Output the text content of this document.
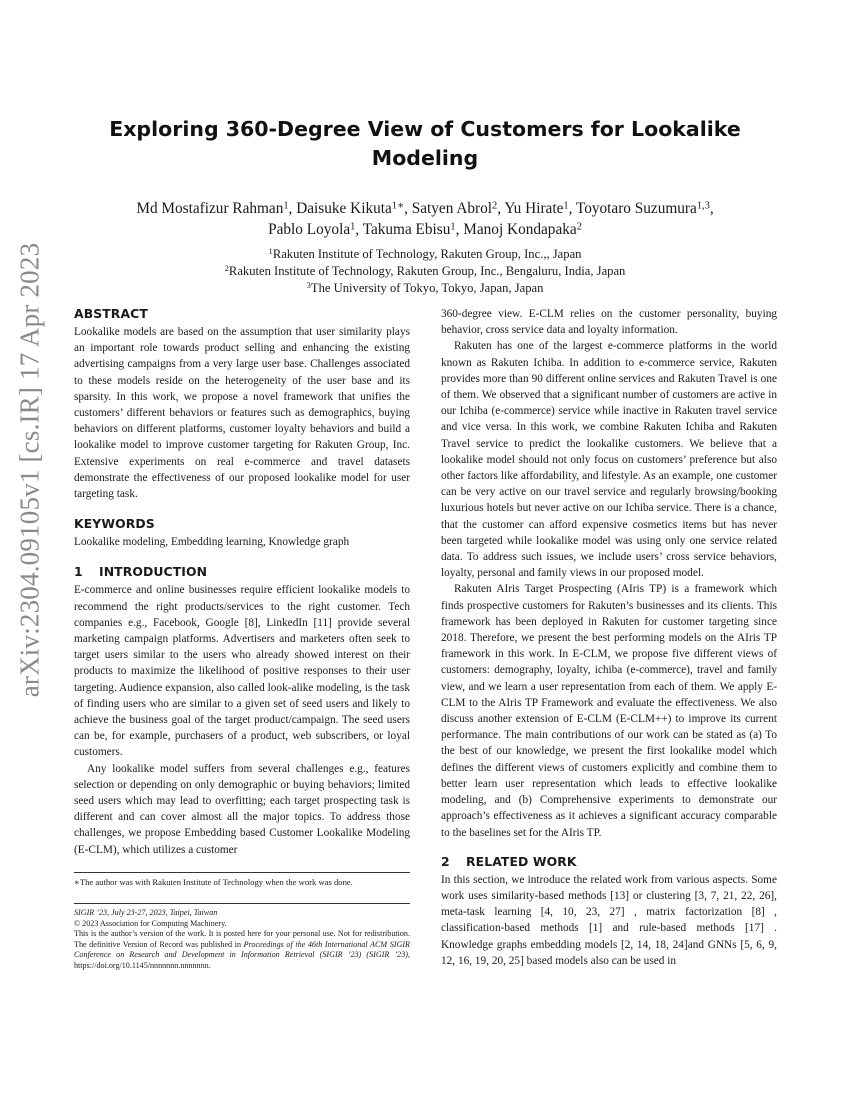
arXiv:2304.09105v1 [cs.IR] 17 Apr 2023
Exploring 360-Degree View of Customers for Lookalike Modeling
Md Mostafizur Rahman$^1$, Daisuke Kikuta$^{1∗}$, Satyen Abrol$^2$, Yu Hirate$^1$, Toyotaro Suzumura$^{1,3}$,
Pablo Loyola$^1$, Takuma Ebisu$^1$, Manoj Kondapaka$^2$
$^1$Rakuten Institute of Technology, Rakuten Group, Inc.,, Japan
$^2$Rakuten Institute of Technology, Rakuten Group, Inc., Bengaluru, India, Japan
$^3$The University of Tokyo, Tokyo, Japan, Japan
ABSTRACT

Lookalike models are based on the assumption that user similarity plays an important role towards product selling and enhancing the existing advertising campaigns from a very large user base. Challenges associated to these models reside on the heterogeneity of the user base and its sparsity. In this work, we propose a novel framework that unifies the customers’ different behaviors or features such as demographics, buying behaviors on different platforms, customer loyalty behaviors and build a lookalike model to improve customer targeting for Rakuten Group, Inc. Extensive experiments on real e-commerce and travel datasets demonstrate the effectiveness of our proposed lookalike model for user targeting task.

KEYWORDS

Lookalike modeling, Embedding learning, Knowledge graph

1 INTRODUCTION

E-commerce and online businesses require efficient lookalike models to recommend the right products/services to the right customer. Tech companies e.g., Facebook, Google [8], LinkedIn [11] provide several marketing campaign platforms. Advertisers and marketers often seek to target users similar to the users who already showed interest on their products to maximize the likelihood of positive responses to their user targeting. Audience expansion, also called look-alike modeling, is the task of finding users who are similar to a given set of seed users and likely to achieve the business goal of the target product/campaign. The seed users can be, for example, purchasers of a product, web subscribers, or loyal customers.

Any lookalike model suffers from several challenges e.g., features selection or depending on only demographic or buying behaviors; limited seed users which may lead to overfitting; each target prospecting task is different and can cover almost all the major topics. To address those challenges, we propose Embedding based Customer Lookalike Modeling (E-CLM), which utilizes a customer

360-degree view. E-CLM relies on the customer personality, buying behavior, cross service data and loyalty information.

Rakuten has one of the largest e-commerce platforms in the world known as Rakuten Ichiba. In addition to e-commerce service, Rakuten provides more than 90 different online services and Rakuten Travel is one of them. We observed that a significant number of customers are active in our Ichiba (e-commerce) service while inactive in Rakuten travel service and vice versa. In this work, we combine Rakuten Ichiba and Rakuten Travel service to predict the lookalike customers. We believe that a lookalike model should not only focus on customers’ preference but also other factors like affordability, and lifestyle. As an example, one customer can be very active on our travel service and regularly browsing/booking luxurious hotels but never active on our Ichiba service. There is a chance, that the customer can afford expensive cosmetics items but has never been targeted while lookalike model was using only one service related data. To address such issues, we include users’ cross service behaviors, loyalty, personal and family views in our proposed model.

Rakuten AIris Target Prospecting (AIris TP) is a framework which finds prospective customers for Rakuten’s businesses and its clients. This framework has been deployed in Rakuten for customer targeting since 2018. Therefore, we present the best performing models on the AIris TP framework in this work. In E-CLM, we propose five different views of customers: demography, loyalty, ichiba (e-commerce), travel and family view, and we learn a user representation from each of them. We apply E-CLM to the AIris TP Framework and evaluate the effectiveness. We also discuss another extension of E-CLM (E-CLM++) to improve its current performance. The main contributions of our work can be stated as (a) To the best of our knowledge, we present the first lookalike model which defines the different views of customers explicitly and combine them to better learn user representation which leads to effective lookalike modeling, and (b) Comprehensive experiments to demonstrate our approach’s effectiveness as it achieves a significant accuracy comparable to the baselines set for the AIris TP.

2 RELATED WORK

In this section, we introduce the related work from various aspects. Some work uses similarity-based methods [13] or clustering [3, 7, 21, 22, 26], meta-task learning [4, 10, 23, 27] , matrix factorization [8] , classification-based methods [1] and rule-based methods [17] . Knowledge graphs embedding models [2, 14, 18, 24]and GNNs [5, 6, 9, 12, 16, 19, 20, 25] based models also can be used in

∗The author was with Rakuten Institute of Technology when the work was done.
SIGIR ’23, July 23-27, 2023, Taipei, Taiwan
© 2023 Association for Computing Machinery.
This is the author’s version of the work. It is posted here for your personal use. Not for redistribution. The definitive Version of Record was published in Proceedings of the 46th International ACM SIGIR Conference on Research and Development in Information Retrieval (SIGIR ’23) (SIGIR ’23), https://doi.org/10.1145/nnnnnnn.nnnnnnn.
